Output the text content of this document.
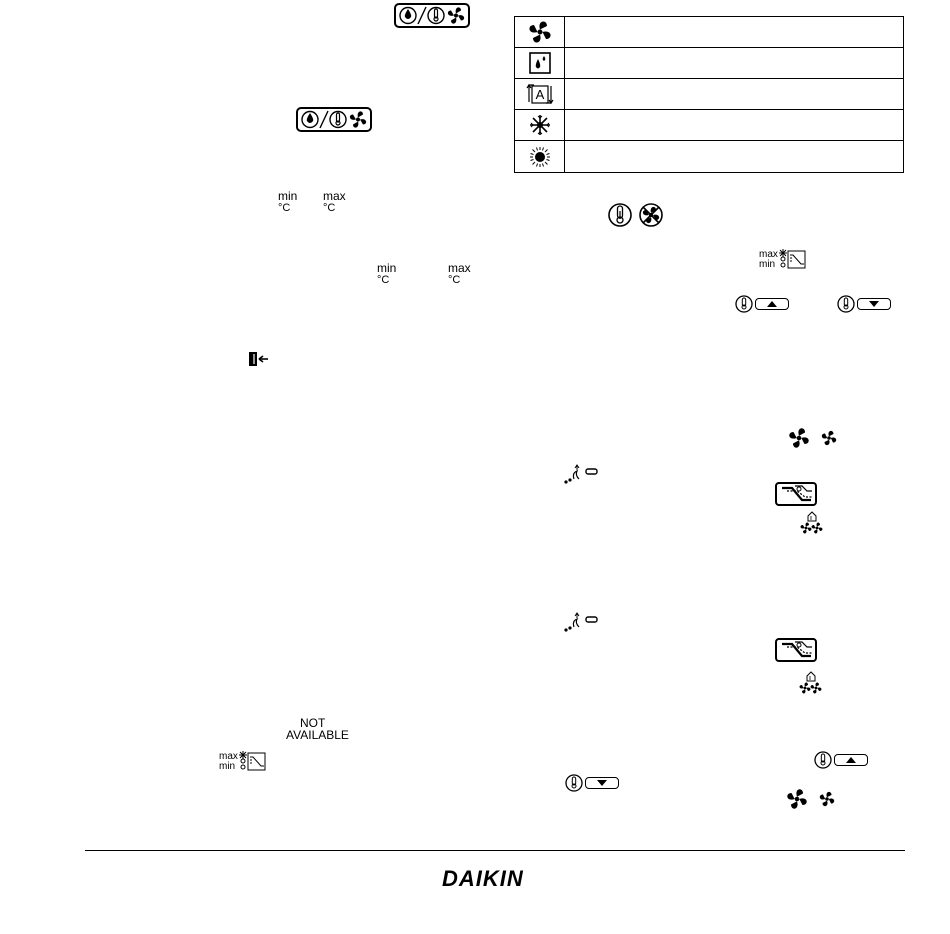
min
°C
max
°C
min
°C
max
°C
NOT
AVAILABLE
max
min
A
max
min
DAIKIN
